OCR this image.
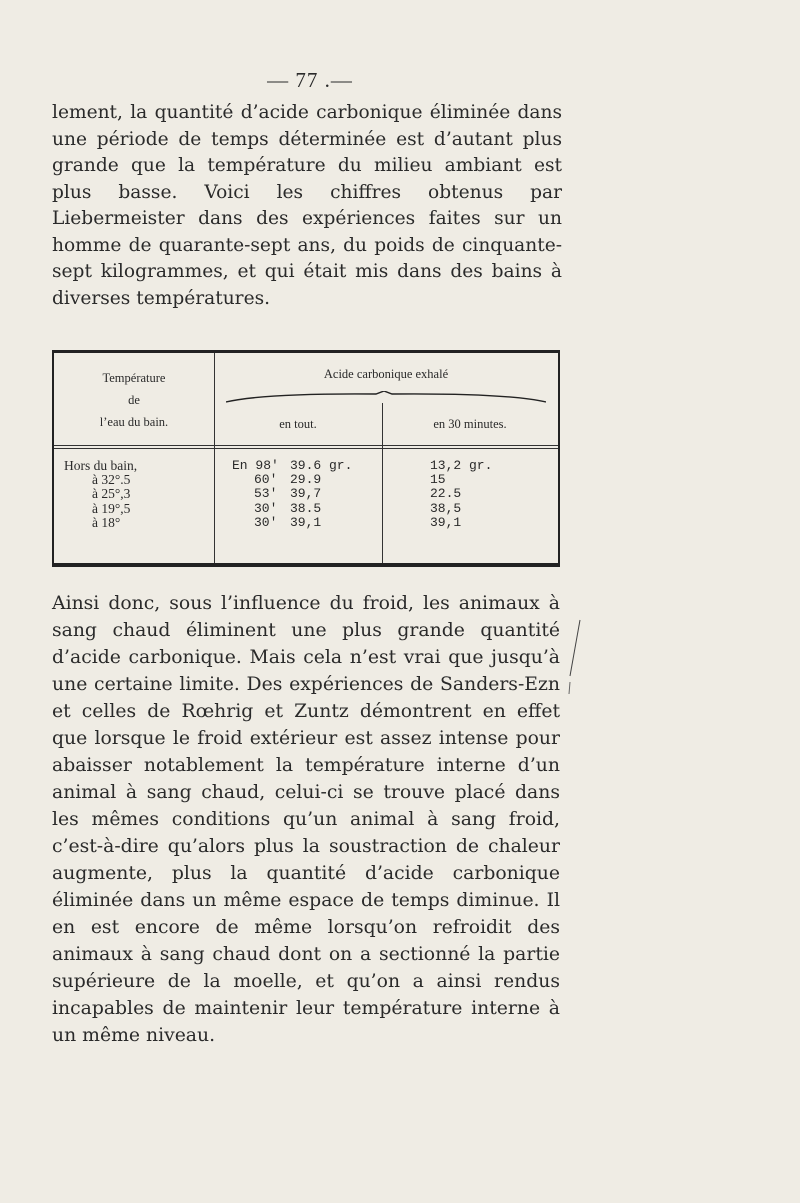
— 77 .—

lement, la quantité d’acide carbonique éliminée dans une période de temps déterminée est d’autant plus grande que la température du milieu ambiant est plus basse. Voici les chiffres obtenus par Liebermeister dans des expériences faites sur un homme de quarante-sept ans, du poids de cinquante-sept kilogrammes, et qui était mis dans des bains à diverses températures.

Température
de
l’eau du bain.
Acide carbonique exhalé
en tout.	en 30 minutes.
Hors du bain,
à 32°.5
à 25°,3
à 19°,5
à 18°
En 98′
60′
53′
30′
30′
39.6 gr.
29.9
39,7
38.5
39,1
13,2 gr.
15
22.5
38,5
39,1

Ainsi donc, sous l’influence du froid, les animaux à sang chaud éliminent une plus grande quantité d’acide carbonique. Mais cela n’est vrai que jusqu’à une certaine limite. Des expériences de Sanders-Ezn et celles de Rœhrig et Zuntz démontrent en effet que lorsque le froid extérieur est assez intense pour abaisser notablement la température interne d’un animal à sang chaud, celui-ci se trouve placé dans les mêmes conditions qu’un animal à sang froid, c’est-à-dire qu’alors plus la soustraction de chaleur augmente, plus la quantité d’acide carbonique éliminée dans un même espace de temps diminue. Il en est encore de même lorsqu’on refroidit des animaux à sang chaud dont on a sectionné la partie supérieure de la moelle, et qu’on a ainsi rendus incapables de maintenir leur température interne à un même niveau.
